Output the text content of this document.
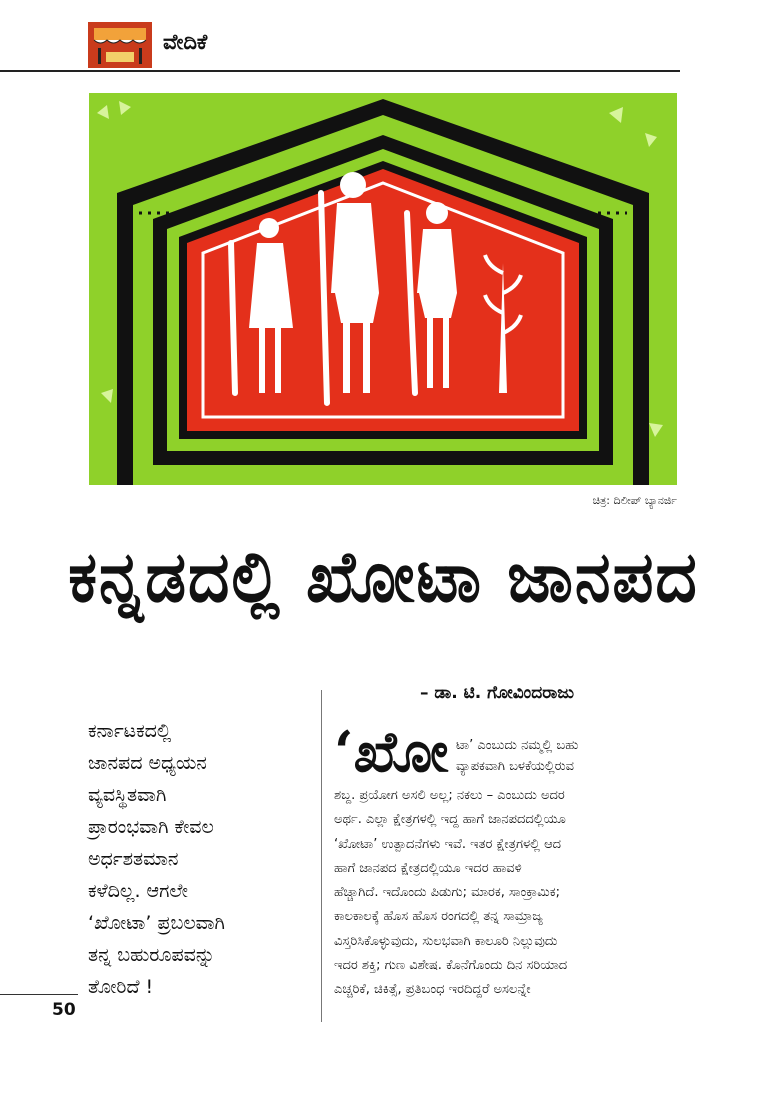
ವೇದಿಕೆ
ಚಿತ್ರ: ದಿಲೀಪ್ ಬ್ಯಾನರ್ಜಿ
ಕನ್ನಡದಲ್ಲಿ ಖೋಟಾ ಜಾನಪದ
– ಡಾ. ಟಿ. ಗೋವಿಂದರಾಜು
ಕರ್ನಾಟಕದಲ್ಲಿ
ಜಾನಪದ ಅಧ್ಯಯನ
ವ್ಯವಸ್ಥಿತವಾಗಿ
ಪ್ರಾರಂಭವಾಗಿ ಕೇವಲ
ಅರ್ಧಶತಮಾನ
ಕಳೆದಿಲ್ಲ. ಆಗಲೇ
‘ಖೋಟಾ’ ಪ್ರಬಲವಾಗಿ
ತನ್ನ ಬಹುರೂಪವನ್ನು
ತೋರಿದೆ !
‘ಖೋ ಟಾ’ ಎಂಬುದು ನಮ್ಮಲ್ಲಿ ಬಹು
ವ್ಯಾಪಕವಾಗಿ ಬಳಕೆಯಲ್ಲಿರುವ
ಶಬ್ದ. ಪ್ರಯೋಗ ಅಸಲಿ ಅಲ್ಲ; ನಕಲು – ಎಂಬುದು ಅದರ
ಅರ್ಥ. ಎಲ್ಲಾ ಕ್ಷೇತ್ರಗಳಲ್ಲಿ ಇದ್ದ ಹಾಗೆ ಜಾನಪದದಲ್ಲಿಯೂ
‘ಖೋಟಾ’ ಉತ್ಪಾದನೆಗಳು ಇವೆ. ಇತರ ಕ್ಷೇತ್ರಗಳಲ್ಲಿ ಆದ
ಹಾಗೆ ಜಾನಪದ ಕ್ಷೇತ್ರದಲ್ಲಿಯೂ ಇದರ ಹಾವಳಿ
ಹೆಚ್ಚಾಗಿದೆ. ಇದೊಂದು ಪಿಡುಗು; ಮಾರಕ, ಸಾಂಕ್ರಾಮಿಕ;
ಕಾಲಕಾಲಕ್ಕೆ ಹೊಸ ಹೊಸ ರಂಗದಲ್ಲಿ ತನ್ನ ಸಾಮ್ರಾಜ್ಯ
ವಿಸ್ತರಿಸಿಕೊಳ್ಳುವುದು, ಸುಲಭವಾಗಿ ಕಾಲೂರಿ ನಿಲ್ಲುವುದು
ಇದರ ಶಕ್ತಿ; ಗುಣ ವಿಶೇಷ. ಕೊನೆಗೊಂದು ದಿನ ಸರಿಯಾದ
ಎಚ್ಚರಿಕೆ, ಚಿಕಿತ್ಸೆ, ಪ್ರತಿಬಂಧ ಇರದಿದ್ದರೆ ಅಸಲನ್ನೇ
50
